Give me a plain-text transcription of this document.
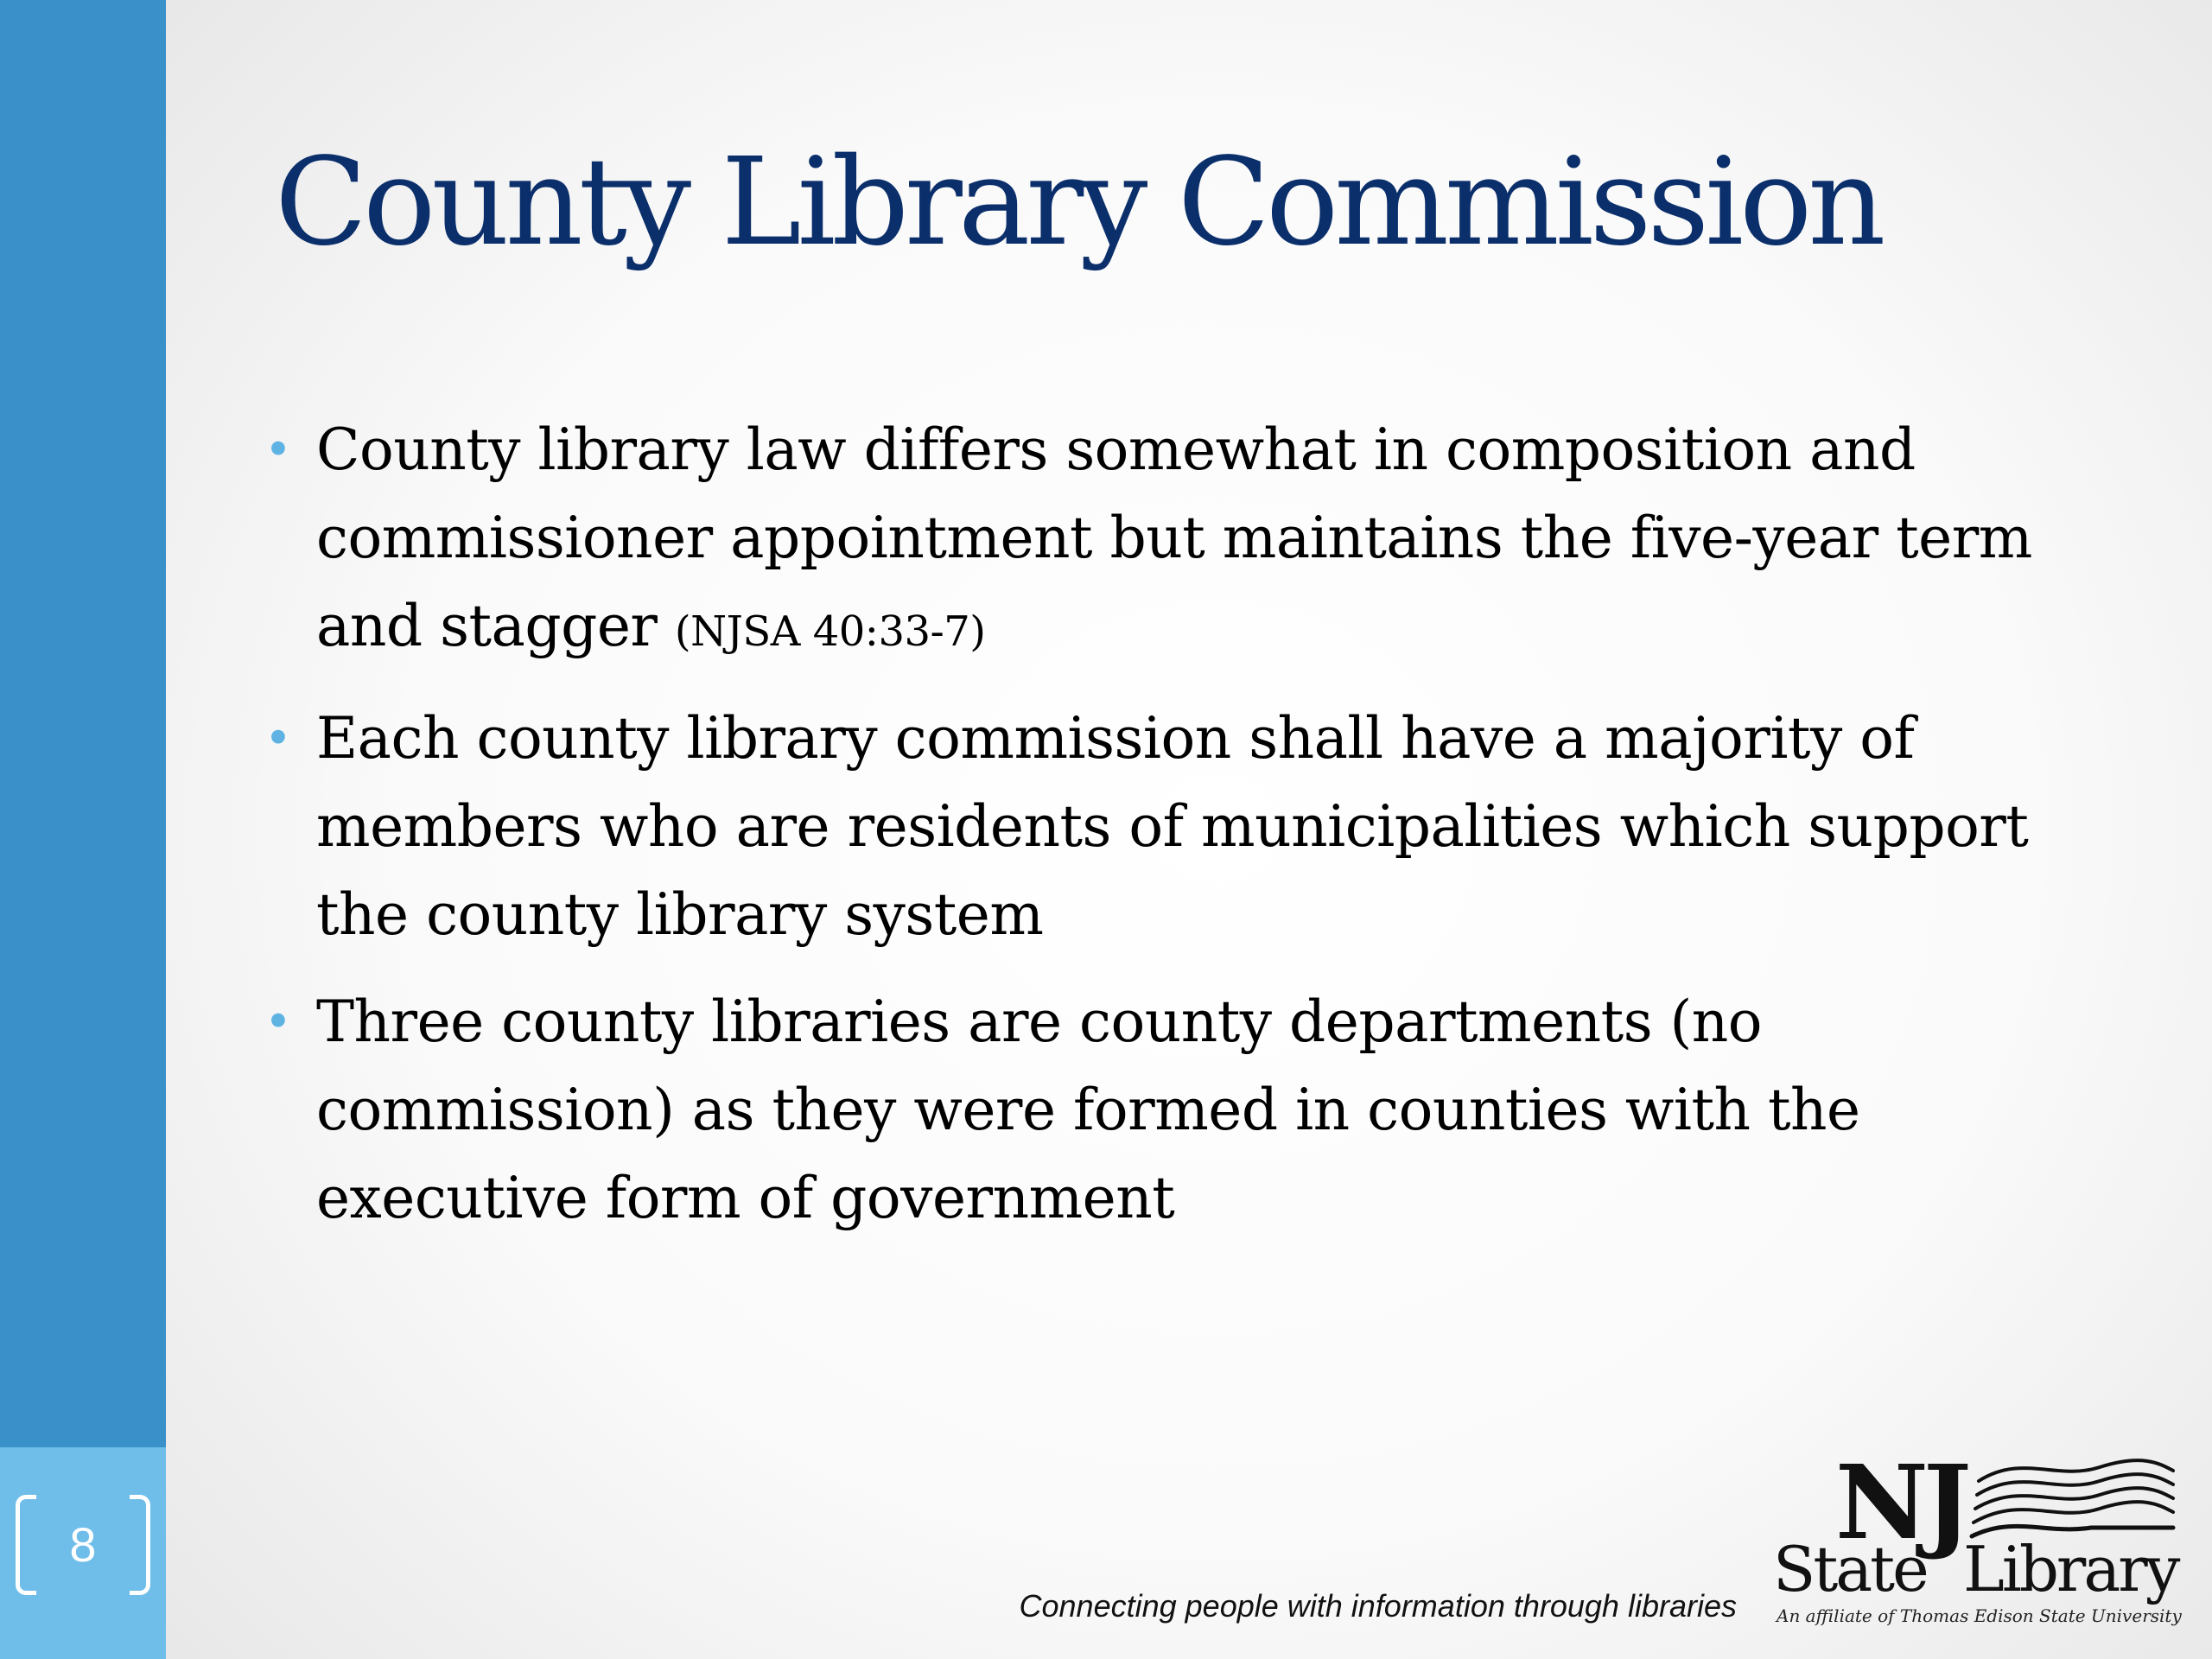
8
County Library Commission
• County library law differs somewhat in composition and commissioner appointment but maintains the five-year term and stagger (NJSA 40:33-7)
• Each county library commission shall have a majority of members who are residents of municipalities which support the county library system
• Three county libraries are county departments (no commission) as they were formed in counties with the executive form of government
Connecting people with information through libraries
NJ
State Library
An affiliate of Thomas Edison State University
